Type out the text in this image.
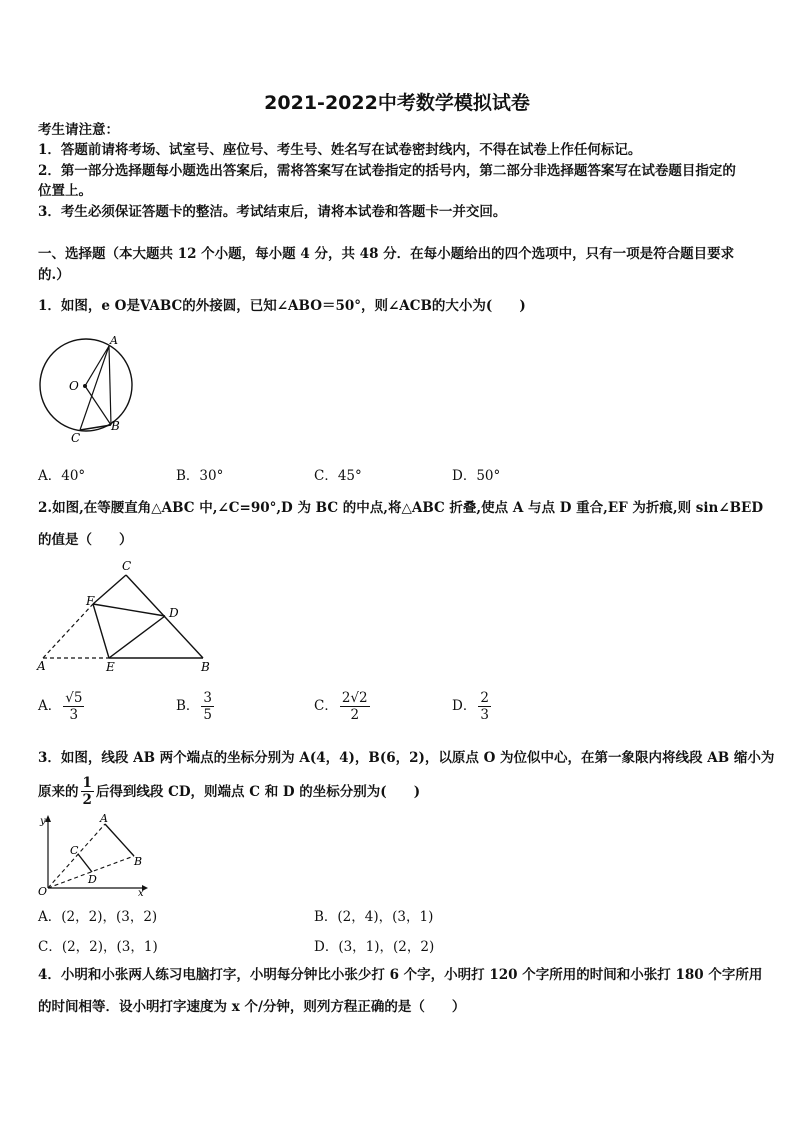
2021-2022中考数学模拟试卷
考生请注意：
1．答题前请将考场、试室号、座位号、考生号、姓名写在试卷密封线内，不得在试卷上作任何标记。
2．第一部分选择题每小题选出答案后，需将答案写在试卷指定的括号内，第二部分非选择题答案写在试卷题目指定的
位置上。
3．考生必须保证答题卡的整洁。考试结束后，请将本试卷和答题卡一并交回。
一、选择题（本大题共 12 个小题，每小题 4 分，共 48 分．在每小题给出的四个选项中，只有一项是符合题目要求
的.）
1．如图，e O是VABC的外接圆，已知∠ABO＝50°，则∠ACB的大小为(　　)
A
O
C
B
A．40°	B．30°	C．45°	D．50°
2.如图,在等腰直角△ABC 中,∠C=90°,D 为 BC 的中点,将△ABC 折叠,使点 A 与点 D 重合,EF 为折痕,则 sin∠BED
的值是（　　）
C
F
D
A	E	B
A． $\frac{√5}{3}$	B． $\frac{3}{5}$	C． $\frac{2√2}{2}$	D． $\frac{2}{3}$
3．如图，线段 AB 两个端点的坐标分别为 A(4，4)，B(6，2)，以原点 O 为位似中心，在第一象限内将线段 AB 缩小为
原来的 $\frac{1}{2}$ 后得到线段 CD，则端点 C 和 D 的坐标分别为(　　)
y	A
C
B
D
O	x
A．(2，2)，(3，2)	B．(2，4)，(3，1)
C．(2，2)，(3，1)	D．(3，1)，(2，2)
4．小明和小张两人练习电脑打字，小明每分钟比小张少打 6 个字，小明打 120 个字所用的时间和小张打 180 个字所用
的时间相等．设小明打字速度为 x 个/分钟，则列方程正确的是（　　）
